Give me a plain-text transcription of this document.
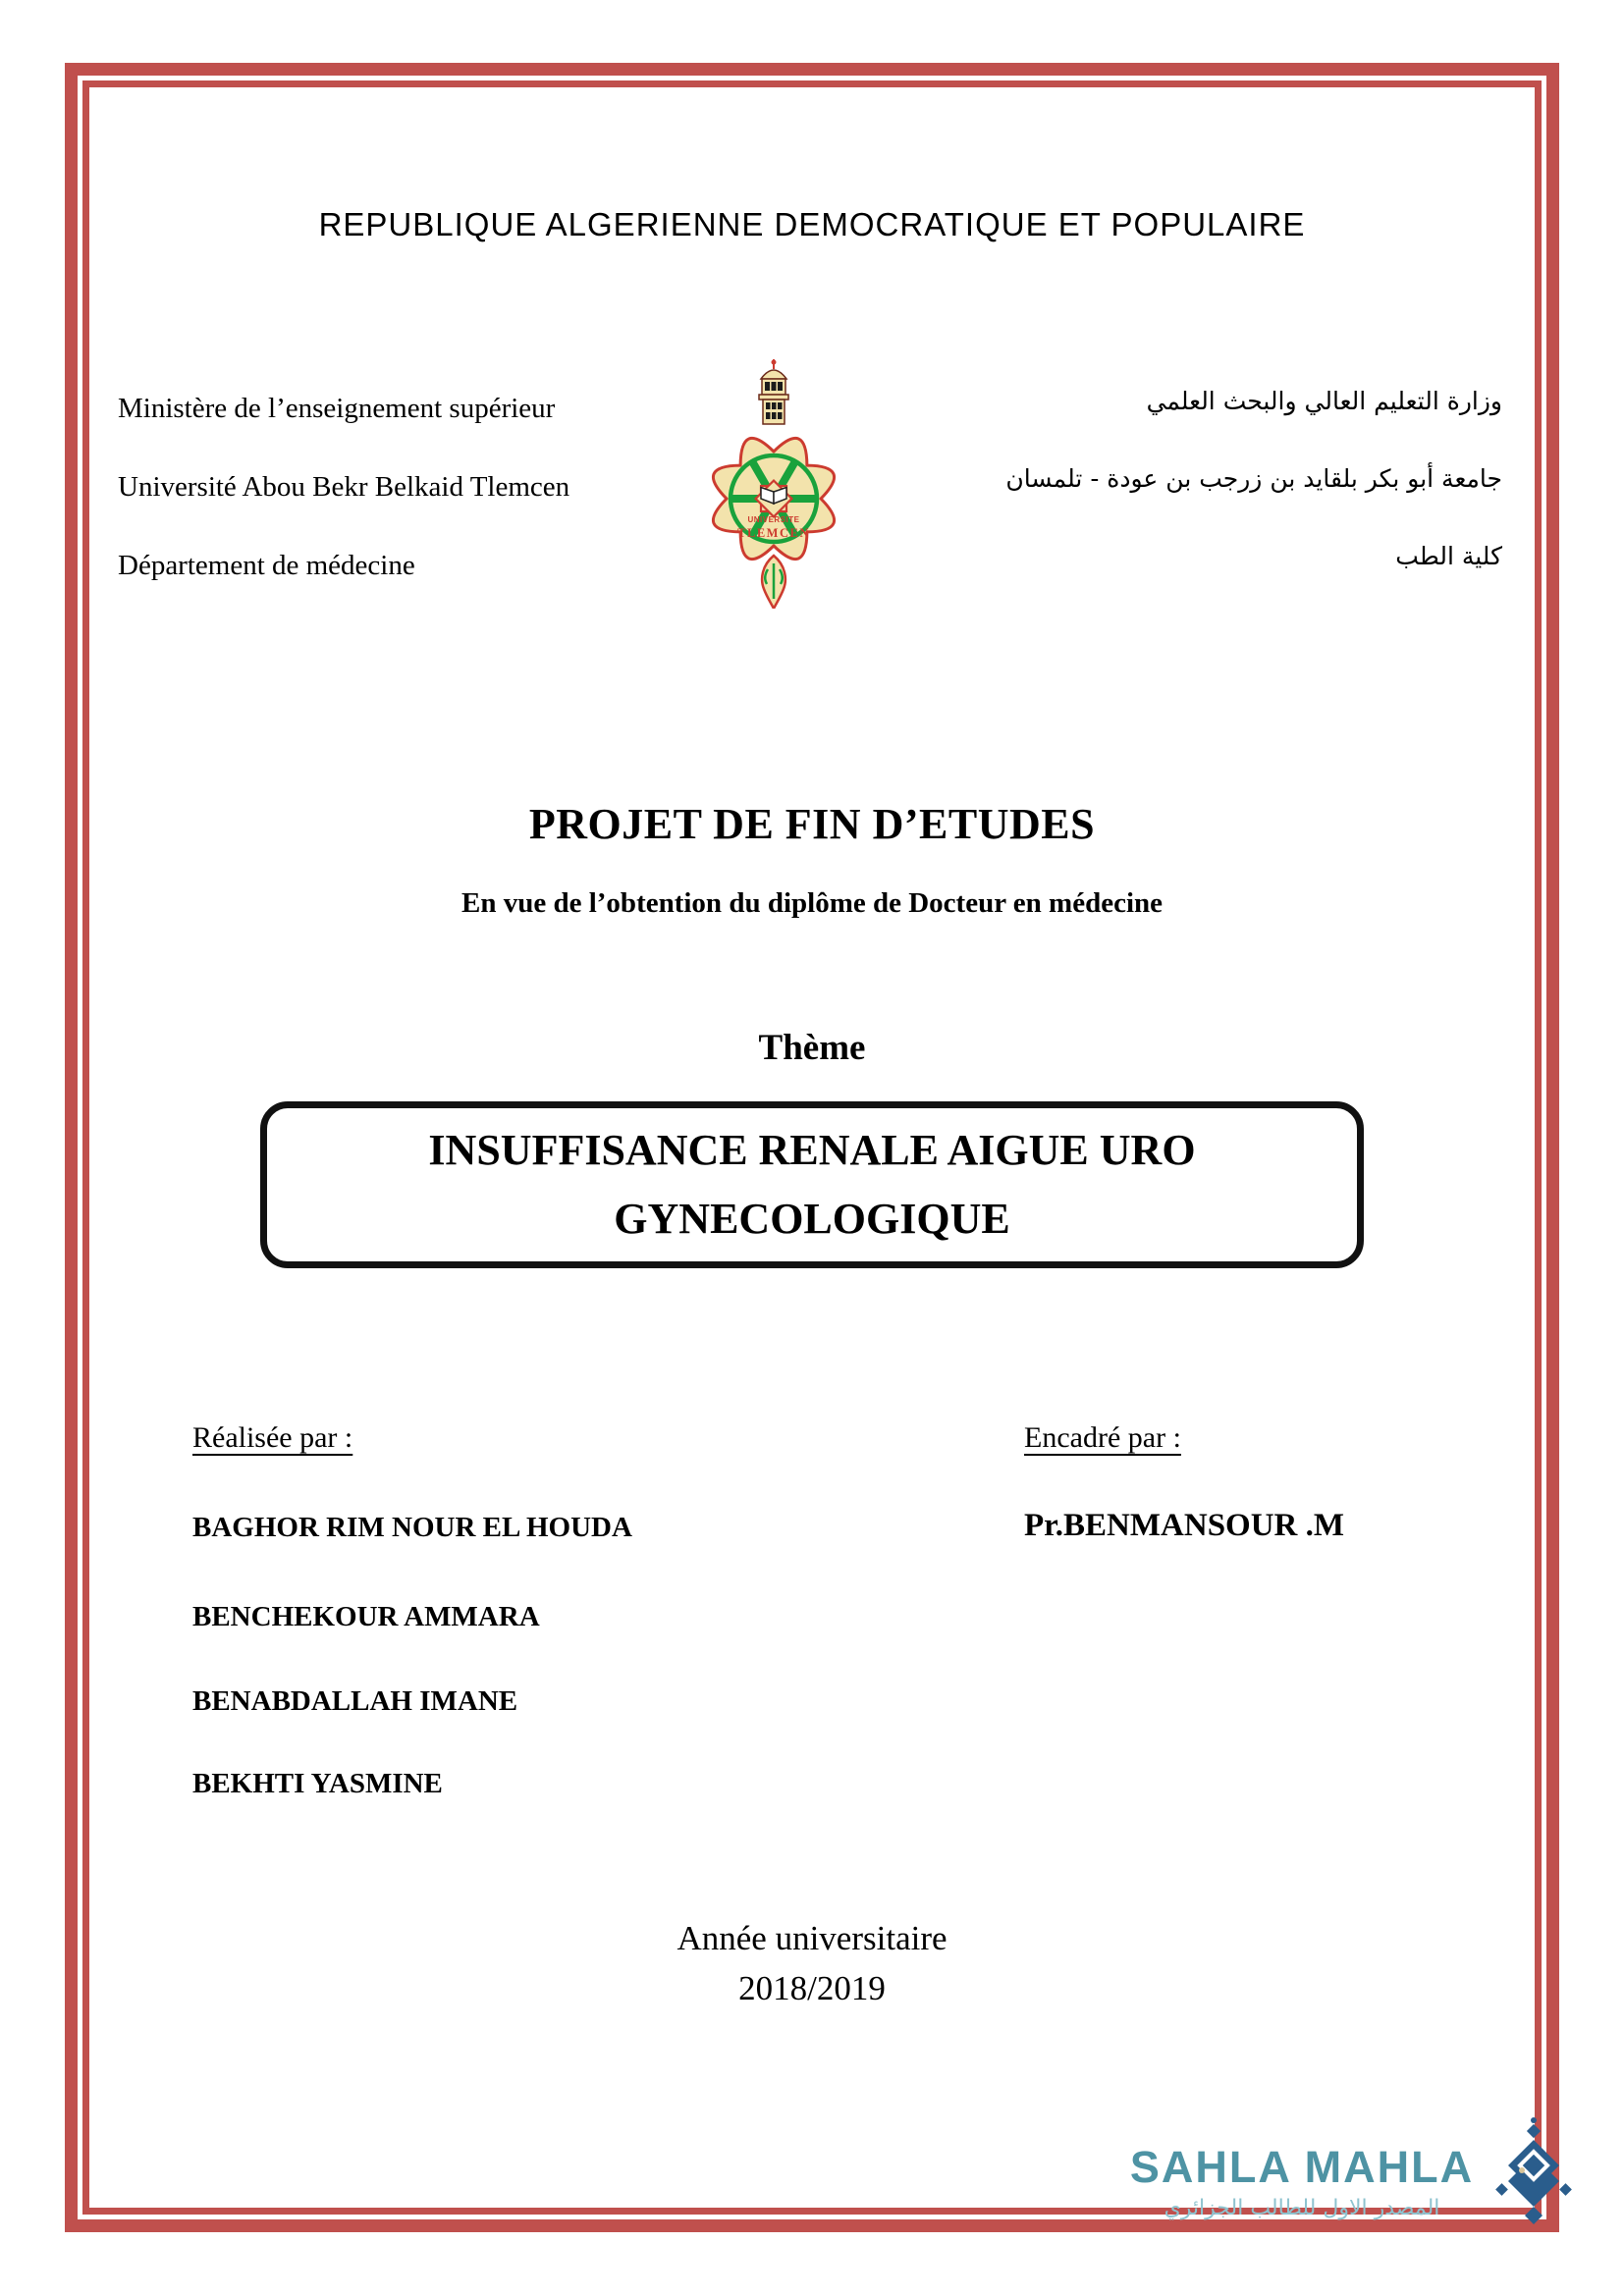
REPUBLIQUE ALGERIENNE DEMOCRATIQUE ET POPULAIRE
Ministère de l’enseignement supérieur
Université Abou Bekr Belkaid Tlemcen
Département de médecine
وزارة التعليم العالي والبحث العلمي
جامعة أبو بكر بلقايد بن زرجب بن عودة - تلمسان
كلية الطب
UNIVERSITE
TLEMCEN
PROJET DE FIN D’ETUDES
En vue de l’obtention du diplôme de Docteur en médecine
Thème
INSUFFISANCE RENALE AIGUE URO
GYNECOLOGIQUE
Réalisée par :	Encadré par :
BAGHOR RIM NOUR EL HOUDA
BENCHEKOUR AMMARA
BENABDALLAH IMANE
BEKHTI YASMINE
Pr.BENMANSOUR .M
Année universitaire
2018/2019
SAHLA MAHLA
المصدر الاول للطالب الجزائري
